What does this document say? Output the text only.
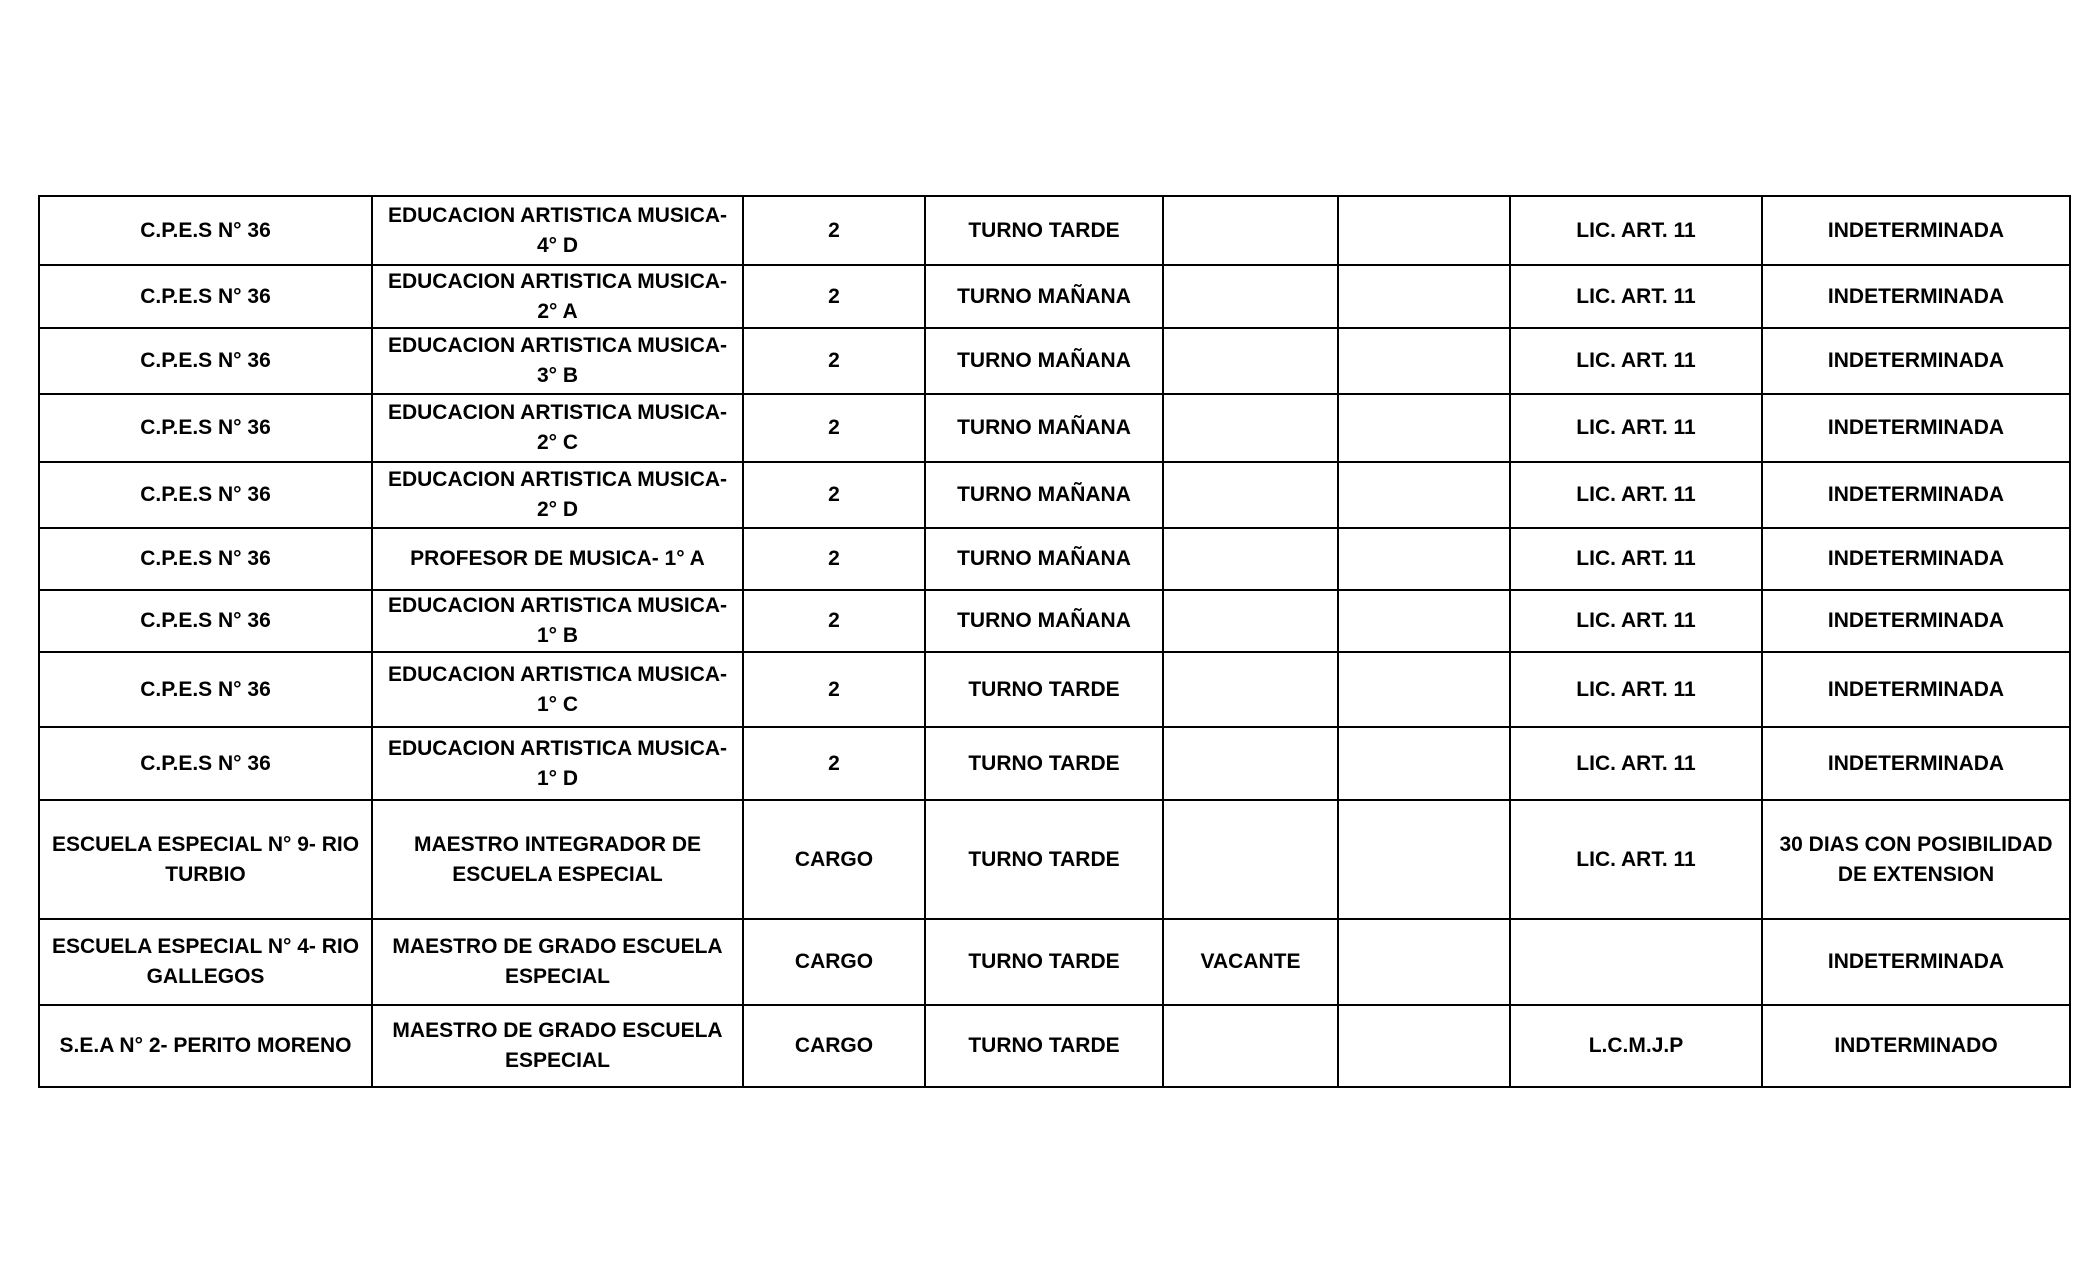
C.P.E.S N° 36	EDUCACION ARTISTICA MUSICA- 4° D	2	TURNO TARDE			LIC. ART. 11	INDETERMINADA
C.P.E.S N° 36	EDUCACION ARTISTICA MUSICA- 2° A	2	TURNO MAÑANA			LIC. ART. 11	INDETERMINADA
C.P.E.S N° 36	EDUCACION ARTISTICA MUSICA- 3° B	2	TURNO MAÑANA			LIC. ART. 11	INDETERMINADA
C.P.E.S N° 36	EDUCACION ARTISTICA MUSICA- 2° C	2	TURNO MAÑANA			LIC. ART. 11	INDETERMINADA
C.P.E.S N° 36	EDUCACION ARTISTICA MUSICA- 2° D	2	TURNO MAÑANA			LIC. ART. 11	INDETERMINADA
C.P.E.S N° 36	PROFESOR DE MUSICA- 1° A	2	TURNO MAÑANA			LIC. ART. 11	INDETERMINADA
C.P.E.S N° 36	EDUCACION ARTISTICA MUSICA- 1° B	2	TURNO MAÑANA			LIC. ART. 11	INDETERMINADA
C.P.E.S N° 36	EDUCACION ARTISTICA MUSICA- 1° C	2	TURNO TARDE			LIC. ART. 11	INDETERMINADA
C.P.E.S N° 36	EDUCACION ARTISTICA MUSICA- 1° D	2	TURNO TARDE			LIC. ART. 11	INDETERMINADA
ESCUELA ESPECIAL N° 9- RIO TURBIO	MAESTRO INTEGRADOR DE ESCUELA ESPECIAL	CARGO	TURNO TARDE			LIC. ART. 11	30 DIAS CON POSIBILIDAD DE EXTENSION
ESCUELA ESPECIAL N° 4- RIO GALLEGOS	MAESTRO DE GRADO ESCUELA ESPECIAL	CARGO	TURNO TARDE	VACANTE			INDETERMINADA
S.E.A N° 2- PERITO MORENO	MAESTRO DE GRADO ESCUELA ESPECIAL	CARGO	TURNO TARDE			L.C.M.J.P	INDTERMINADO
